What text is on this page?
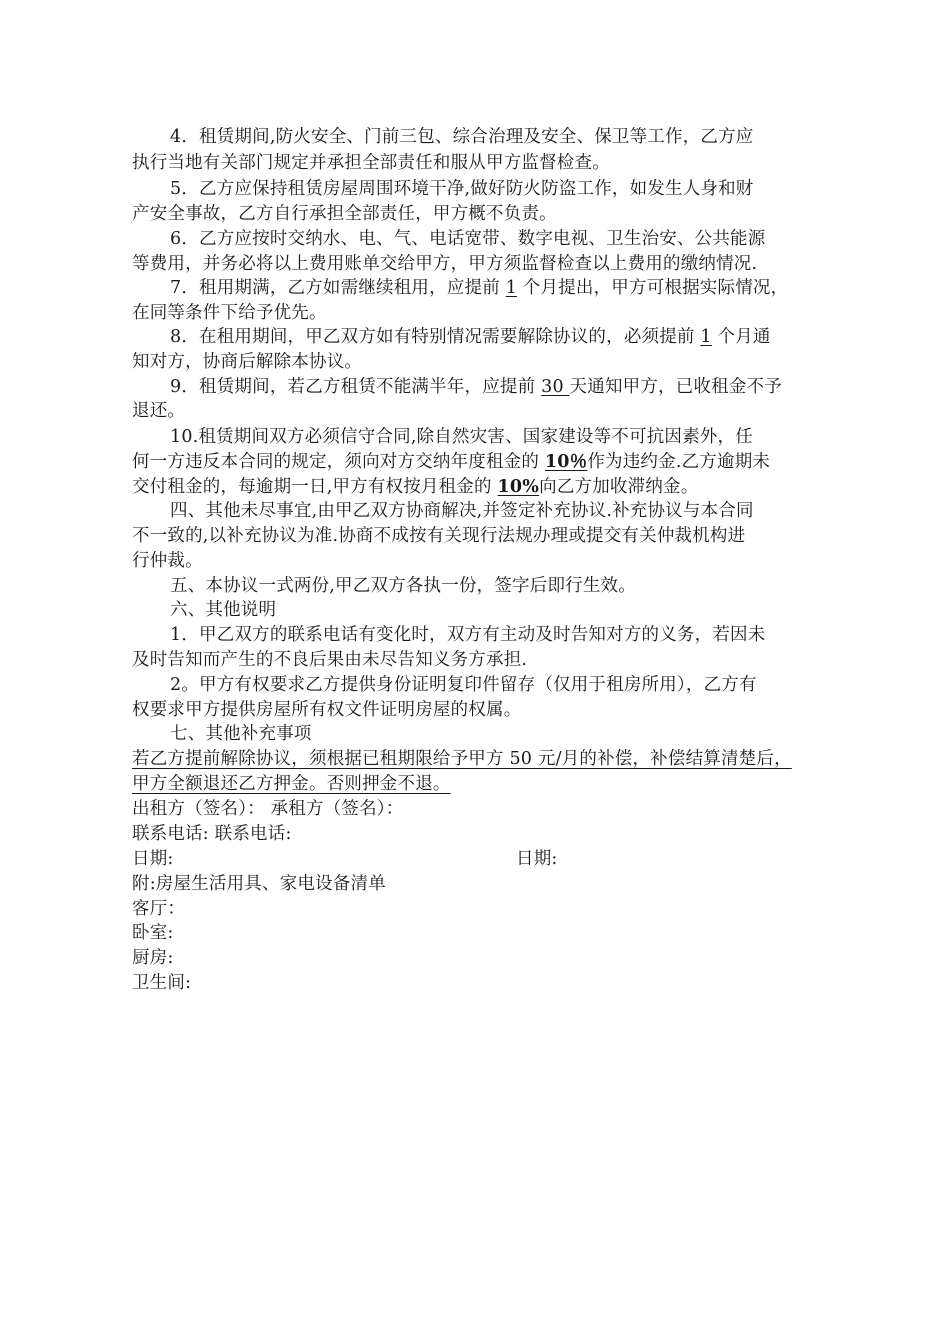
4．租赁期间,防火安全、门前三包、综合治理及安全、保卫等工作，乙方应
执行当地有关部门规定并承担全部责任和服从甲方监督检查。
5．乙方应保持租赁房屋周围环境干净,做好防火防盗工作，如发生人身和财
产安全事故，乙方自行承担全部责任，甲方概不负责。
6．乙方应按时交纳水、电、气、电话宽带、数字电视、卫生治安、公共能源
等费用，并务必将以上费用账单交给甲方，甲方须监督检查以上费用的缴纳情况.
7．租用期满，乙方如需继续租用，应提前 1 个月提出，甲方可根据实际情况，
在同等条件下给予优先。
8．在租用期间，甲乙双方如有特别情况需要解除协议的，必须提前 1 个月通
知对方，协商后解除本协议。
9．租赁期间，若乙方租赁不能满半年，应提前 30 天通知甲方，已收租金不予
退还。
10.租赁期间双方必须信守合同,除自然灾害、国家建设等不可抗因素外，任
何一方违反本合同的规定，须向对方交纳年度租金的 10％作为违约金.乙方逾期未
交付租金的，每逾期一日,甲方有权按月租金的 10%向乙方加收滞纳金。
四、其他未尽事宜,由甲乙双方协商解决,并签定补充协议.补充协议与本合同
不一致的,以补充协议为准.协商不成按有关现行法规办理或提交有关仲裁机构进
行仲裁。
五、本协议一式两份,甲乙双方各执一份，签字后即行生效。
六、其他说明
1．甲乙双方的联系电话有变化时，双方有主动及时告知对方的义务，若因未
及时告知而产生的不良后果由未尽告知义务方承担.
2。甲方有权要求乙方提供身份证明复印件留存（仅用于租房所用），乙方有
权要求甲方提供房屋所有权文件证明房屋的权属。
七、其他补充事项
若乙方提前解除协议，须根据已租期限给予甲方 50 元/月的补偿，补偿结算清楚后，
甲方全额退还乙方押金。否则押金不退。
出租方（签名）： 承租方（签名）：
联系电话: 联系电话:
日期:	日期:
附:房屋生活用具、家电设备清单
客厅：
卧室:
厨房:
卫生间:
